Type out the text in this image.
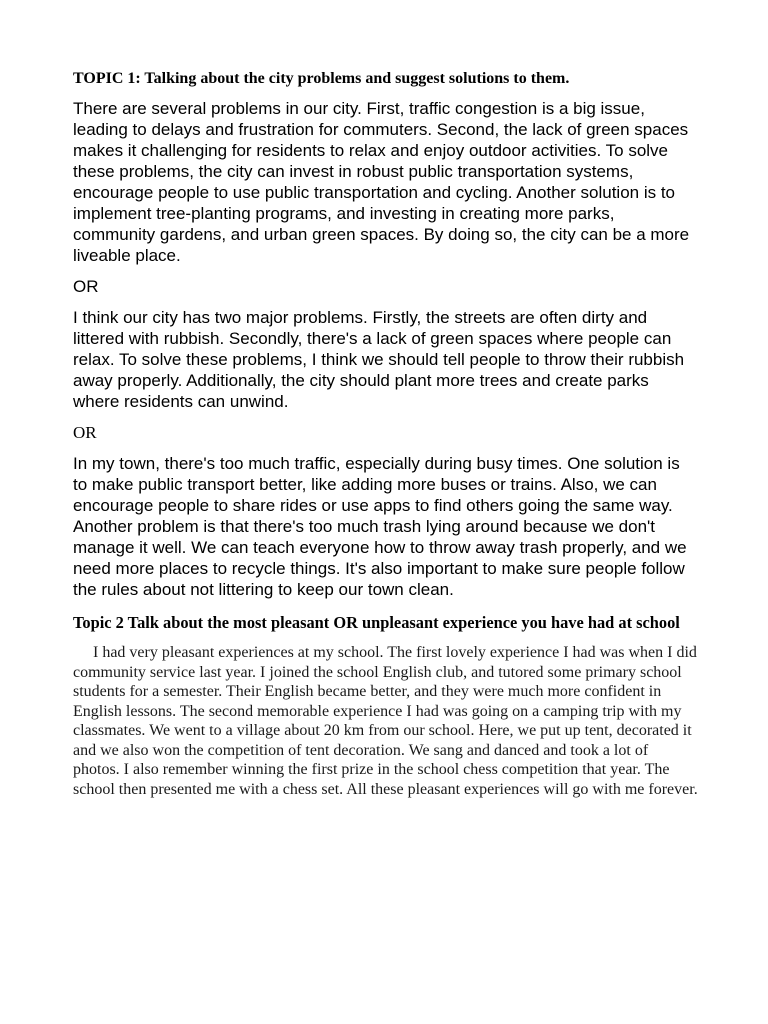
TOPIC 1: Talking about the city problems and suggest solutions to them.

There are several problems in our city. First, traffic congestion is a big issue, leading to delays and frustration for commuters. Second, the lack of green spaces makes it challenging for residents to relax and enjoy outdoor activities. To solve these problems, the city can invest in robust public transportation systems, encourage people to use public transportation and cycling. Another solution is to implement tree-planting programs, and investing in creating more parks, community gardens, and urban green spaces. By doing so, the city can be a more liveable place.

OR

I think our city has two major problems. Firstly, the streets are often dirty and littered with rubbish. Secondly, there's a lack of green spaces where people can relax. To solve these problems, I think we should tell people to throw their rubbish away properly. Additionally, the city should plant more trees and create parks where residents can unwind.

OR

In my town, there's too much traffic, especially during busy times. One solution is to make public transport better, like adding more buses or trains. Also, we can encourage people to share rides or use apps to find others going the same way. Another problem is that there's too much trash lying around because we don't manage it well. We can teach everyone how to throw away trash properly, and we need more places to recycle things. It's also important to make sure people follow the rules about not littering to keep our town clean.

Topic 2 Talk about the most pleasant OR unpleasant experience you have had at school

I had very pleasant experiences at my school. The first lovely experience I had was when I did community service last year. I joined the school English club, and tutored some primary school students for a semester. Their English became better, and they were much more confident in English lessons. The second memorable experience I had was going on a camping trip with my classmates. We went to a village about 20 km from our school. Here, we put up tent, decorated it and we also won the competition of tent decoration. We sang and danced and took a lot of photos. I also remember winning the first prize in the school chess competition that year. The school then presented me with a chess set. All these pleasant experiences will go with me forever.
